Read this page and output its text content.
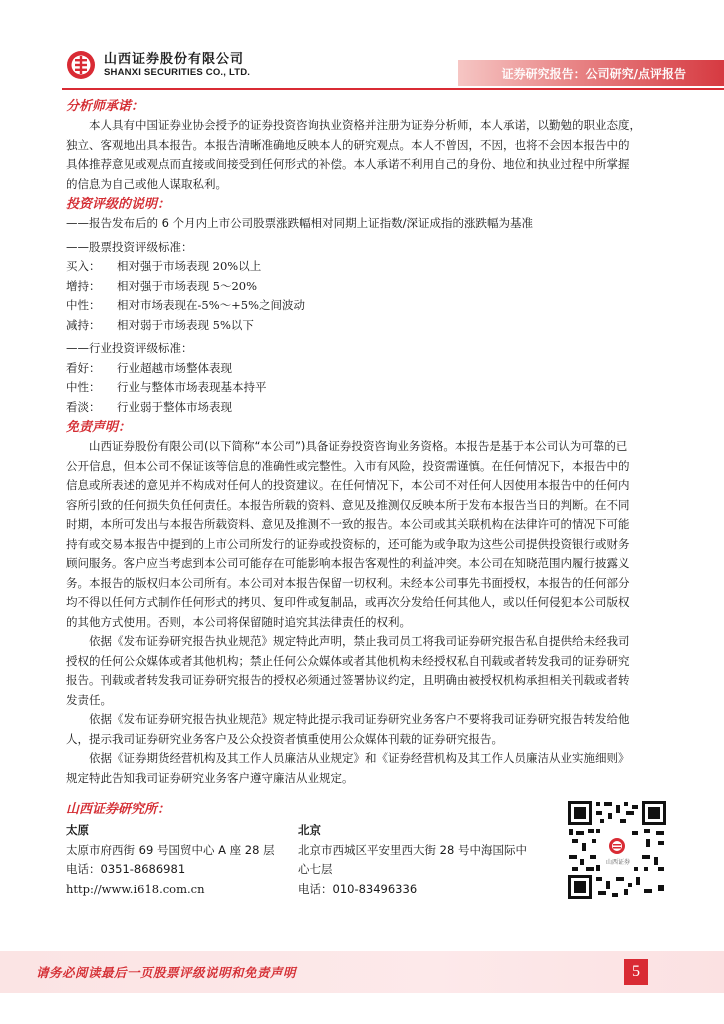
山西证券股份有限公司
SHANXI SECURITIES CO., LTD.	证券研究报告：公司研究/点评报告
分析师承诺：
本人具有中国证券业协会授予的证券投资咨询执业资格并注册为证券分析师，本人承诺，以勤勉的职业态度，
独立、客观地出具本报告。本报告清晰准确地反映本人的研究观点。本人不曾因，不因，也将不会因本报告中的
具体推荐意见或观点而直接或间接受到任何形式的补偿。本人承诺不利用自己的身份、地位和执业过程中所掌握
的信息为自己或他人谋取私利。
投资评级的说明：
——报告发布后的 6 个月内上市公司股票涨跌幅相对同期上证指数/深证成指的涨跌幅为基准
——股票投资评级标准：
买入：	相对强于市场表现 20%以上
增持：	相对强于市场表现 5～20%
中性：	相对市场表现在-5%～+5%之间波动
减持：	相对弱于市场表现 5%以下
——行业投资评级标准：
看好：	行业超越市场整体表现
中性：	行业与整体市场表现基本持平
看淡：	行业弱于整体市场表现
免责声明：
山西证券股份有限公司(以下简称“本公司”)具备证券投资咨询业务资格。本报告是基于本公司认为可靠的已
公开信息，但本公司不保证该等信息的准确性或完整性。入市有风险，投资需谨慎。在任何情况下，本报告中的
信息或所表述的意见并不构成对任何人的投资建议。在任何情况下，本公司不对任何人因使用本报告中的任何内
容所引致的任何损失负任何责任。本报告所载的资料、意见及推测仅反映本所于发布本报告当日的判断。在不同
时期，本所可发出与本报告所载资料、意见及推测不一致的报告。本公司或其关联机构在法律许可的情况下可能
持有或交易本报告中提到的上市公司所发行的证券或投资标的，还可能为或争取为这些公司提供投资银行或财务
顾问服务。客户应当考虑到本公司可能存在可能影响本报告客观性的利益冲突。本公司在知晓范围内履行披露义
务。本报告的版权归本公司所有。本公司对本报告保留一切权利。未经本公司事先书面授权，本报告的任何部分
均不得以任何方式制作任何形式的拷贝、复印件或复制品，或再次分发给任何其他人，或以任何侵犯本公司版权
的其他方式使用。否则，本公司将保留随时追究其法律责任的权利。
依据《发布证券研究报告执业规范》规定特此声明，禁止我司员工将我司证券研究报告私自提供给未经我司
授权的任何公众媒体或者其他机构；禁止任何公众媒体或者其他机构未经授权私自刊载或者转发我司的证券研究
报告。刊载或者转发我司证券研究报告的授权必须通过签署协议约定，且明确由被授权机构承担相关刊载或者转
发责任。
依据《发布证券研究报告执业规范》规定特此提示我司证券研究业务客户不要将我司证券研究报告转发给他
人，提示我司证券研究业务客户及公众投资者慎重使用公众媒体刊载的证券研究报告。
依据《证券期货经营机构及其工作人员廉洁从业规定》和《证券经营机构及其工作人员廉洁从业实施细则》
规定特此告知我司证券研究业务客户遵守廉洁从业规定。
山西证券研究所：
太原
太原市府西街 69 号国贸中心 A 座 28 层
电话：0351-8686981
http://www.i618.com.cn
北京
北京市西城区平安里西大街 28 号中海国际中
心七层
电话：010-83496336
山西证券
请务必阅读最后一页股票评级说明和免责声明	5
